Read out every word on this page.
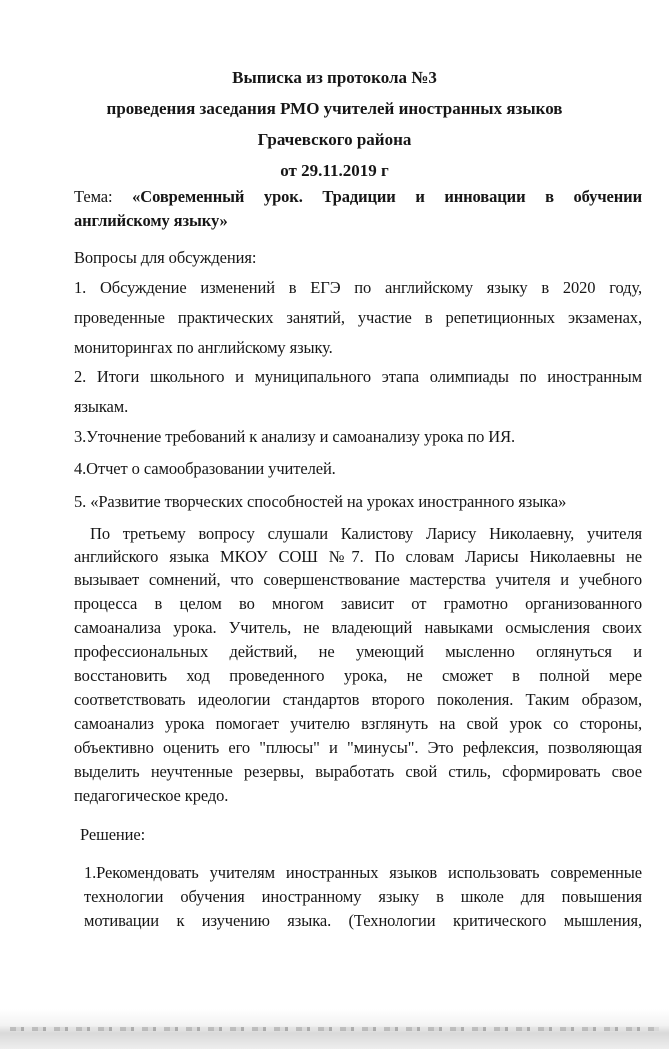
Выписка из протокола №3
проведения заседания РМО учителей иностранных языков
Грачевского района
от 29.11.2019 г
Тема: «Современный урок. Традиции и инновации в обучении
английскому языку»
Вопросы для обсуждения:
1. Обсуждение изменений в ЕГЭ по английскому языку в 2020 году,
проведенные практических занятий, участие в репетиционных экзаменах,
мониторингах по английскому языку.
2. Итоги школьного и муниципального этапа олимпиады по иностранным
языкам.
3.Уточнение требований к анализу и самоанализу урока по ИЯ.
4.Отчет о самообразовании учителей.
5. «Развитие творческих способностей на уроках иностранного языка»
По третьему вопросу слушали Калистову Ларису Николаевну, учителя
английского языка МКОУ СОШ №7. По словам Ларисы Николаевны не
вызывает сомнений, что совершенствование мастерства учителя и учебного
процесса в целом во многом зависит от грамотно организованного
самоанализа урока. Учитель, не владеющий навыками осмысления своих
профессиональных действий, не умеющий мысленно оглянуться и
восстановить ход проведенного урока, не сможет в полной мере
соответствовать идеологии стандартов второго поколения. Таким образом,
самоанализ урока помогает учителю взглянуть на свой урок со стороны,
объективно оценить его "плюсы" и "минусы". Это рефлексия, позволяющая
выделить неучтенные резервы, выработать свой стиль, сформировать свое
педагогическое кредо.
Решение:
1.Рекомендовать учителям иностранных языков использовать современные
технологии обучения иностранному языку в школе для повышения
мотивации к изучению языка. (Технологии критического мышления,
